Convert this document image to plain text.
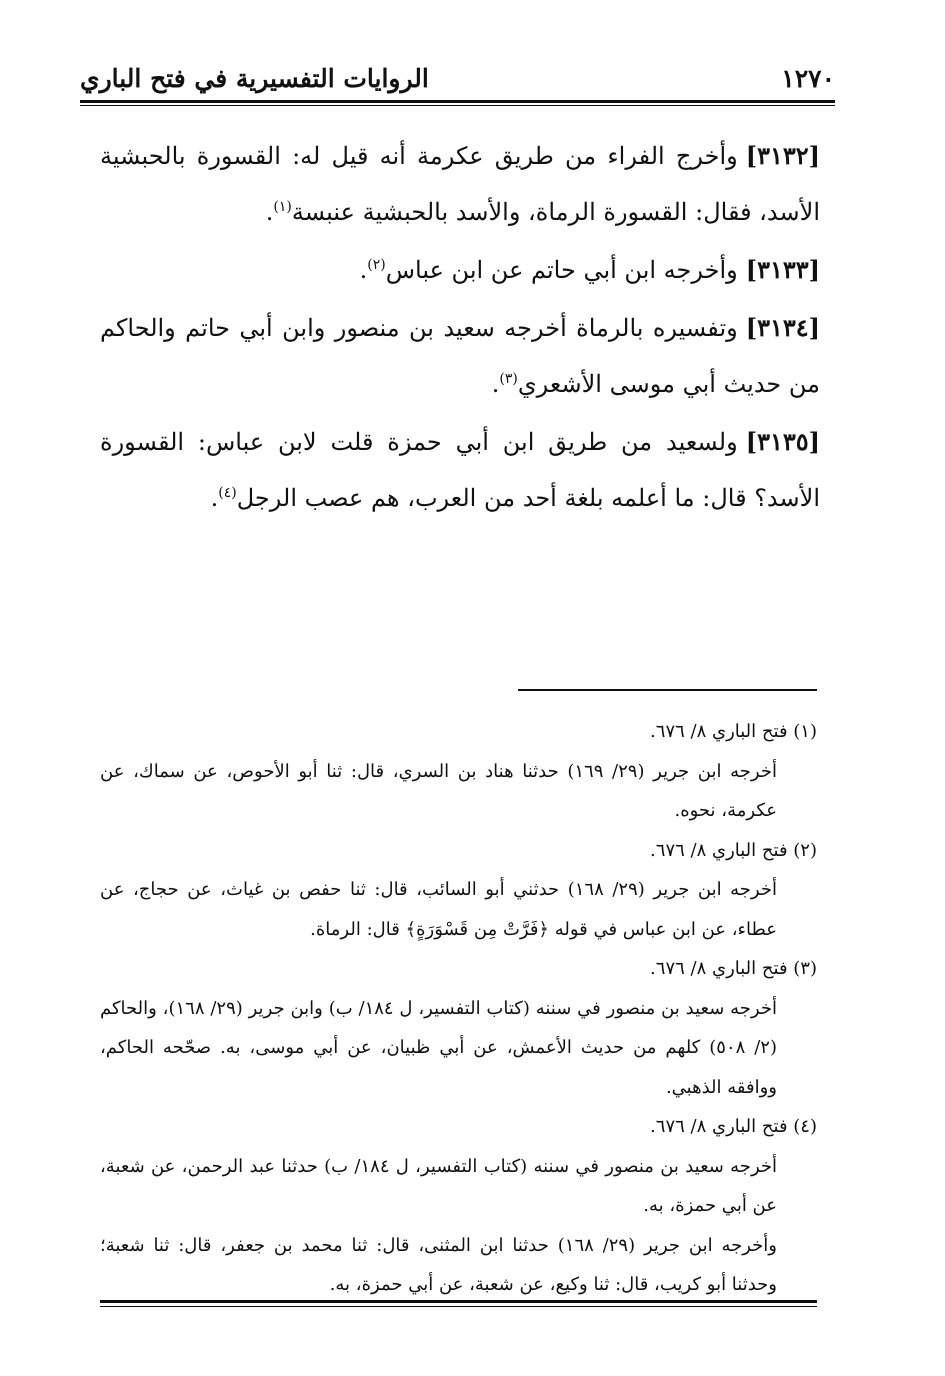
١٢٧٠
الروايات التفسيرية في فتح الباري

[٣١٣٢]وأخرج الفراء من طريق عكرمة أنه قيل له: القسورة بالحبشية الأسد، فقال: القسورة الرماة، والأسد بالحبشية عنبسة$^{(١)}$.

[٣١٣٣]وأخرجه ابن أبي حاتم عن ابن عباس$^{(٢)}$.

[٣١٣٤]وتفسيره بالرماة أخرجه سعيد بن منصور وابن أبي حاتم والحاكم من حديث أبي موسى الأشعري$^{(٣)}$.

[٣١٣٥]ولسعيد من طريق ابن أبي حمزة قلت لابن عباس: القسورة الأسد؟ قال: ما أعلمه بلغة أحد من العرب، هم عصب الرجل$^{(٤)}$.

(١) فتح الباري ٨/ ٦٧٦.

أخرجه ابن جرير (٢٩/ ١٦٩) حدثنا هناد بن السري، قال: ثنا أبو الأحوص، عن سماك، عن عكرمة، نحوه.

(٢) فتح الباري ٨/ ٦٧٦.

أخرجه ابن جرير (٢٩/ ١٦٨) حدثني أبو السائب، قال: ثنا حفص بن غياث، عن حجاج، عن عطاء، عن ابن عباس في قوله ﴿فَرَّتْ مِن قَسْوَرَةٍ﴾ قال: الرماة.

(٣) فتح الباري ٨/ ٦٧٦.

أخرجه سعيد بن منصور في سننه (كتاب التفسير، ل ١٨٤/ ب) وابن جرير (٢٩/ ١٦٨)، والحاكم (٢/ ٥٠٨) كلهم من حديث الأعمش، عن أبي ظبيان، عن أبي موسى، به. صحّحه الحاكم، ووافقه الذهبي.

(٤) فتح الباري ٨/ ٦٧٦.

أخرجه سعيد بن منصور في سننه (كتاب التفسير، ل ١٨٤/ ب) حدثنا عبد الرحمن، عن شعبة، عن أبي حمزة، به.

وأخرجه ابن جرير (٢٩/ ١٦٨) حدثنا ابن المثنى، قال: ثنا محمد بن جعفر، قال: ثنا شعبة؛ وحدثنا أبو كريب، قال: ثنا وكيع، عن شعبة، عن أبي حمزة، به.
